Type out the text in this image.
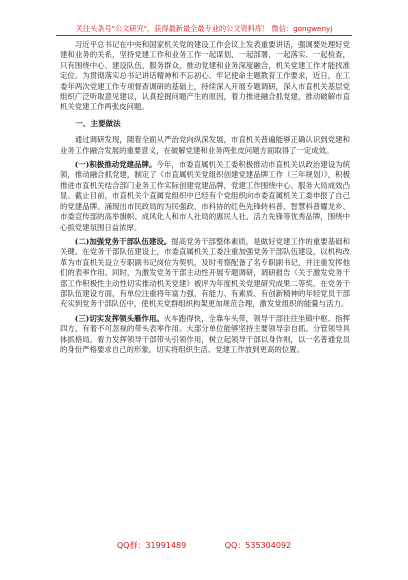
关注头条号"公文研究"，获得最新最全最专业的公文资料库！ 微信：gongwenyj

习近平总书记在中央和国家机关党的建设工作会议上发表重要讲话，强调要处理好党建和业务的关系，坚持党建工作和业务工作一起谋划、一起部署、一起落实、一起检查，只有围绕中心、建设队伍、服务群众，推动党建和业务深度融合，机关党建工作才能找准定位。为贯彻落实总书记讲话精神和不忘初心、牢记使命主题教育工作要求，近日，在工委年两次党建工作专项督查调研的基础上，持续深入开展专题调研，深入市直机关基层党组织广泛听取意见建议，认真挖掘问题产生的原因，着力推进融合抓党建，推动破解市直机关党建工作两张皮问题。

一、主要做法

通过调研发现，随着全面从严治党向纵深发展，市直机关普遍能够正确认识到党建和业务工作融合发展的重要意义，在破解党建和业务两张皮问题方面取得了一定成效。

(一)积极推动党建品牌。今年，市委直属机关工委积极推动市直机关以政治建设为统领，推动融合抓党建，制定了《市直属机关党组织创建党建品牌工作（三年规划）》，积极推进市直机关结合部门业务工作实际创建党建品牌，党建工作围绕中心、服务大局成效凸显。截止目前，市直机关个直属党组织中已经有个党组织向市委直属机关工委申报了自己的党建品牌。涌现出市民政局的为民强政、市科协的红色先锋转科普、智慧科普耀龙乡、市委宣传部的高举旗帜、成风化人和市人社局的惠民人社、活力先锋等优秀品牌，围绕中心抓党建氛围日益浓厚。

(二)加强党务干部队伍建设。提高党务干部整体素质，是做好党建工作的重要基础和关键。在党务干部队伍建设上，市委直属机关工委注重加强党务干部队伍建设，以机构改革为市直机关设立专职副书记岗位为契机，及时考察配备了名专职副书记，并注重发挥他们的表率作用。同时，为激发党务干部主动性开展专题调研，调研报告《关于激发党务干部工作积极性主动性切实推动机关党建》被评为年度机关党建研究成果二等奖。在党务干部队伍建设方面，有单位注重将年富力强，有能力、有素质、有创新精神的年轻党员干部充实到党务干部队伍中，使机关党群组织构架更加规范合理，激发党组织的能量与活力。

(三)切实发挥领头雁作用。火车跑得快，全靠车头带，领导干部往往坐镇中枢、指挥四方，有着不可忽视的带头表率作用。大部分单位能够坚持主要领导亲自抓、分管领导具体抓格局。着力发挥领导干部带头引领作用，树立起领导干部以身作则，以一名普通党员的身份严格要求自己的形象，切实将组织生活、党建工作放到更高的位置。

QQ群：31991489	QQ：535304092
